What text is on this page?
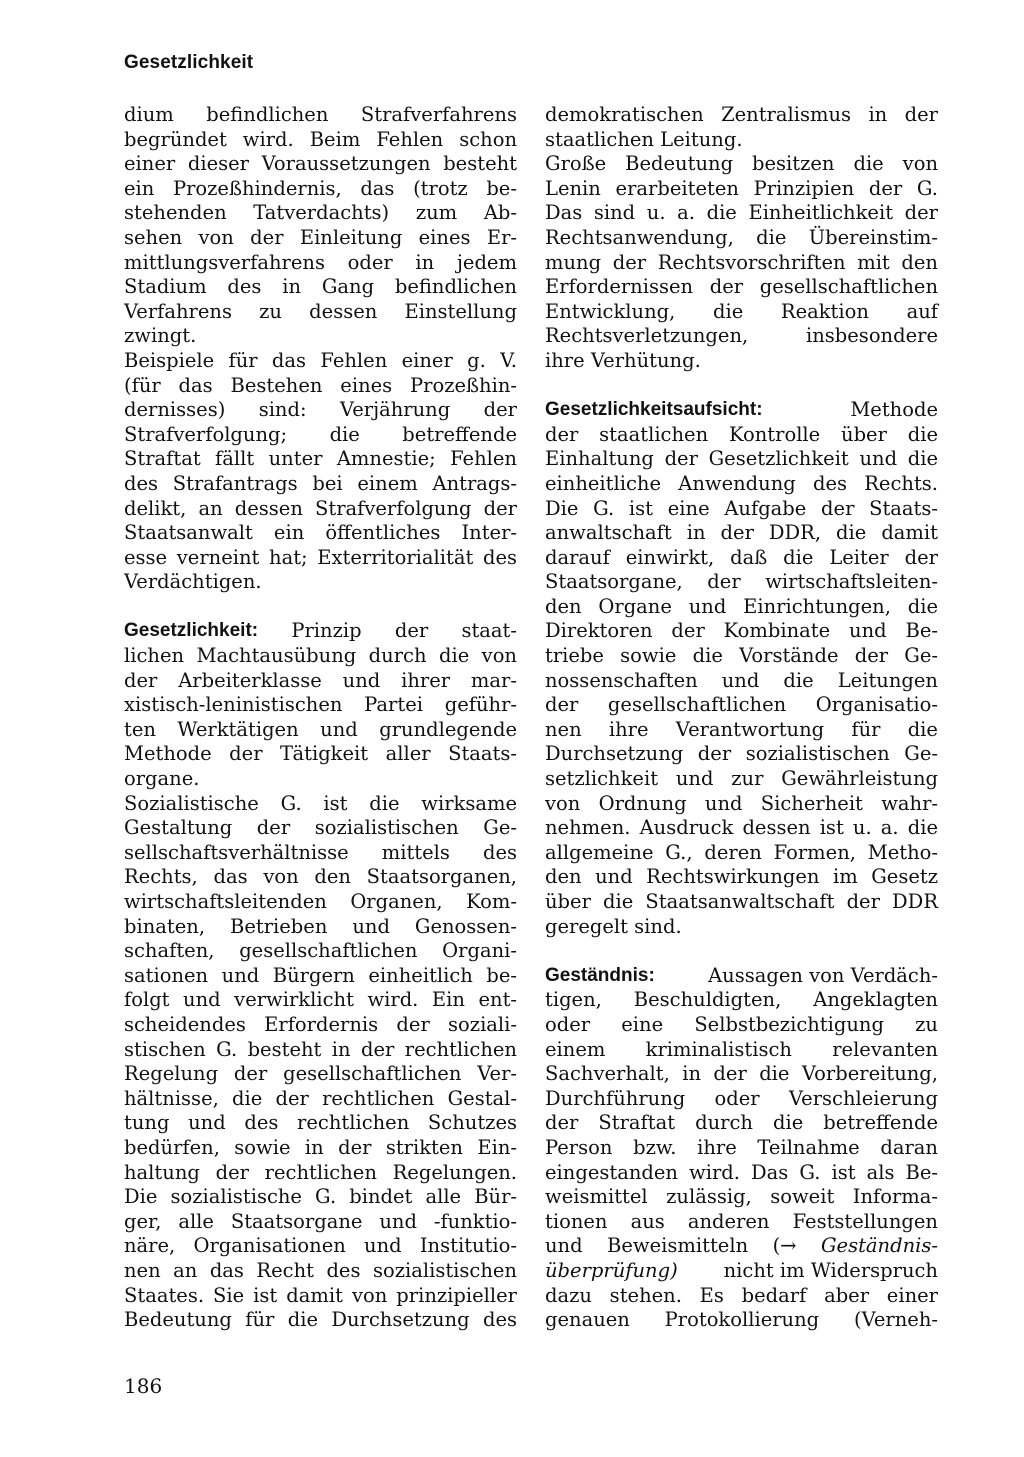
Gesetzlichkeit
dium befindlichen Strafverfahrens
begründet wird. Beim Fehlen schon
einer dieser Voraussetzungen besteht
ein Prozeßhindernis, das (trotz be-
stehenden Tatverdachts) zum Ab-
sehen von der Einleitung eines Er-
mittlungsverfahrens oder in jedem
Stadium des in Gang befindlichen
Verfahrens zu dessen Einstellung
zwingt.
Beispiele für das Fehlen einer g. V.
(für das Bestehen eines Prozeßhin-
dernisses) sind: Verjährung der
Strafverfolgung; die betreffende
Straftat fällt unter Amnestie; Fehlen
des Strafantrags bei einem Antrags-
delikt, an dessen Strafverfolgung der
Staatsanwalt ein öffentliches Inter-
esse verneint hat; Exterritorialität des
Verdächtigen.
Gesetzlichkeit: Prinzip der staat-
lichen Machtausübung durch die von
der Arbeiterklasse und ihrer mar-
xistisch-leninistischen Partei geführ-
ten Werktätigen und grundlegende
Methode der Tätigkeit aller Staats-
organe.
Sozialistische G. ist die wirksame
Gestaltung der sozialistischen Ge-
sellschaftsverhältnisse mittels des
Rechts, das von den Staatsorganen,
wirtschaftsleitenden Organen, Kom-
binaten, Betrieben und Genossen-
schaften, gesellschaftlichen Organi-
sationen und Bürgern einheitlich be-
folgt und verwirklicht wird. Ein ent-
scheidendes Erfordernis der soziali-
stischen G. besteht in der rechtlichen
Regelung der gesellschaftlichen Ver-
hältnisse, die der rechtlichen Gestal-
tung und des rechtlichen Schutzes
bedürfen, sowie in der strikten Ein-
haltung der rechtlichen Regelungen.
Die sozialistische G. bindet alle Bür-
ger, alle Staatsorgane und -funktio-
näre, Organisationen und Institutio-
nen an das Recht des sozialistischen
Staates. Sie ist damit von prinzipieller
Bedeutung für die Durchsetzung des
demokratischen Zentralismus in der
staatlichen Leitung.
Große Bedeutung besitzen die von
Lenin erarbeiteten Prinzipien der G.
Das sind u. a. die Einheitlichkeit der
Rechtsanwendung, die Übereinstim-
mung der Rechtsvorschriften mit den
Erfordernissen der gesellschaftlichen
Entwicklung, die Reaktion auf
Rechtsverletzungen,	insbesondere
ihre Verhütung.
Gesetzlichkeitsaufsicht:	Methode
der staatlichen Kontrolle über die
Einhaltung der Gesetzlichkeit und die
einheitliche Anwendung des Rechts.
Die G. ist eine Aufgabe der Staats-
anwaltschaft in der DDR, die damit
darauf einwirkt, daß die Leiter der
Staatsorgane, der wirtschaftsleiten-
den Organe und Einrichtungen, die
Direktoren der Kombinate und Be-
triebe sowie die Vorstände der Ge-
nossenschaften und die Leitungen
der gesellschaftlichen Organisatio-
nen ihre Verantwortung für die
Durchsetzung der sozialistischen Ge-
setzlichkeit und zur Gewährleistung
von Ordnung und Sicherheit wahr-
nehmen. Ausdruck dessen ist u. a. die
allgemeine G., deren Formen, Metho-
den und Rechtswirkungen im Gesetz
über die Staatsanwaltschaft der DDR
geregelt sind.
Geständnis:	Aussagen von Verdäch-
tigen, Beschuldigten, Angeklagten
oder eine Selbstbezichtigung zu
einem kriminalistisch relevanten
Sachverhalt, in der die Vorbereitung,
Durchführung oder Verschleierung
der Straftat durch die betreffende
Person bzw. ihre Teilnahme daran
eingestanden wird. Das G. ist als Be-
weismittel zulässig, soweit Informa-
tionen aus anderen Feststellungen
und Beweismitteln (→ Geständnis-
überprüfung) nicht im Widerspruch
dazu stehen. Es bedarf aber einer
genauen Protokollierung (Verneh-
186
